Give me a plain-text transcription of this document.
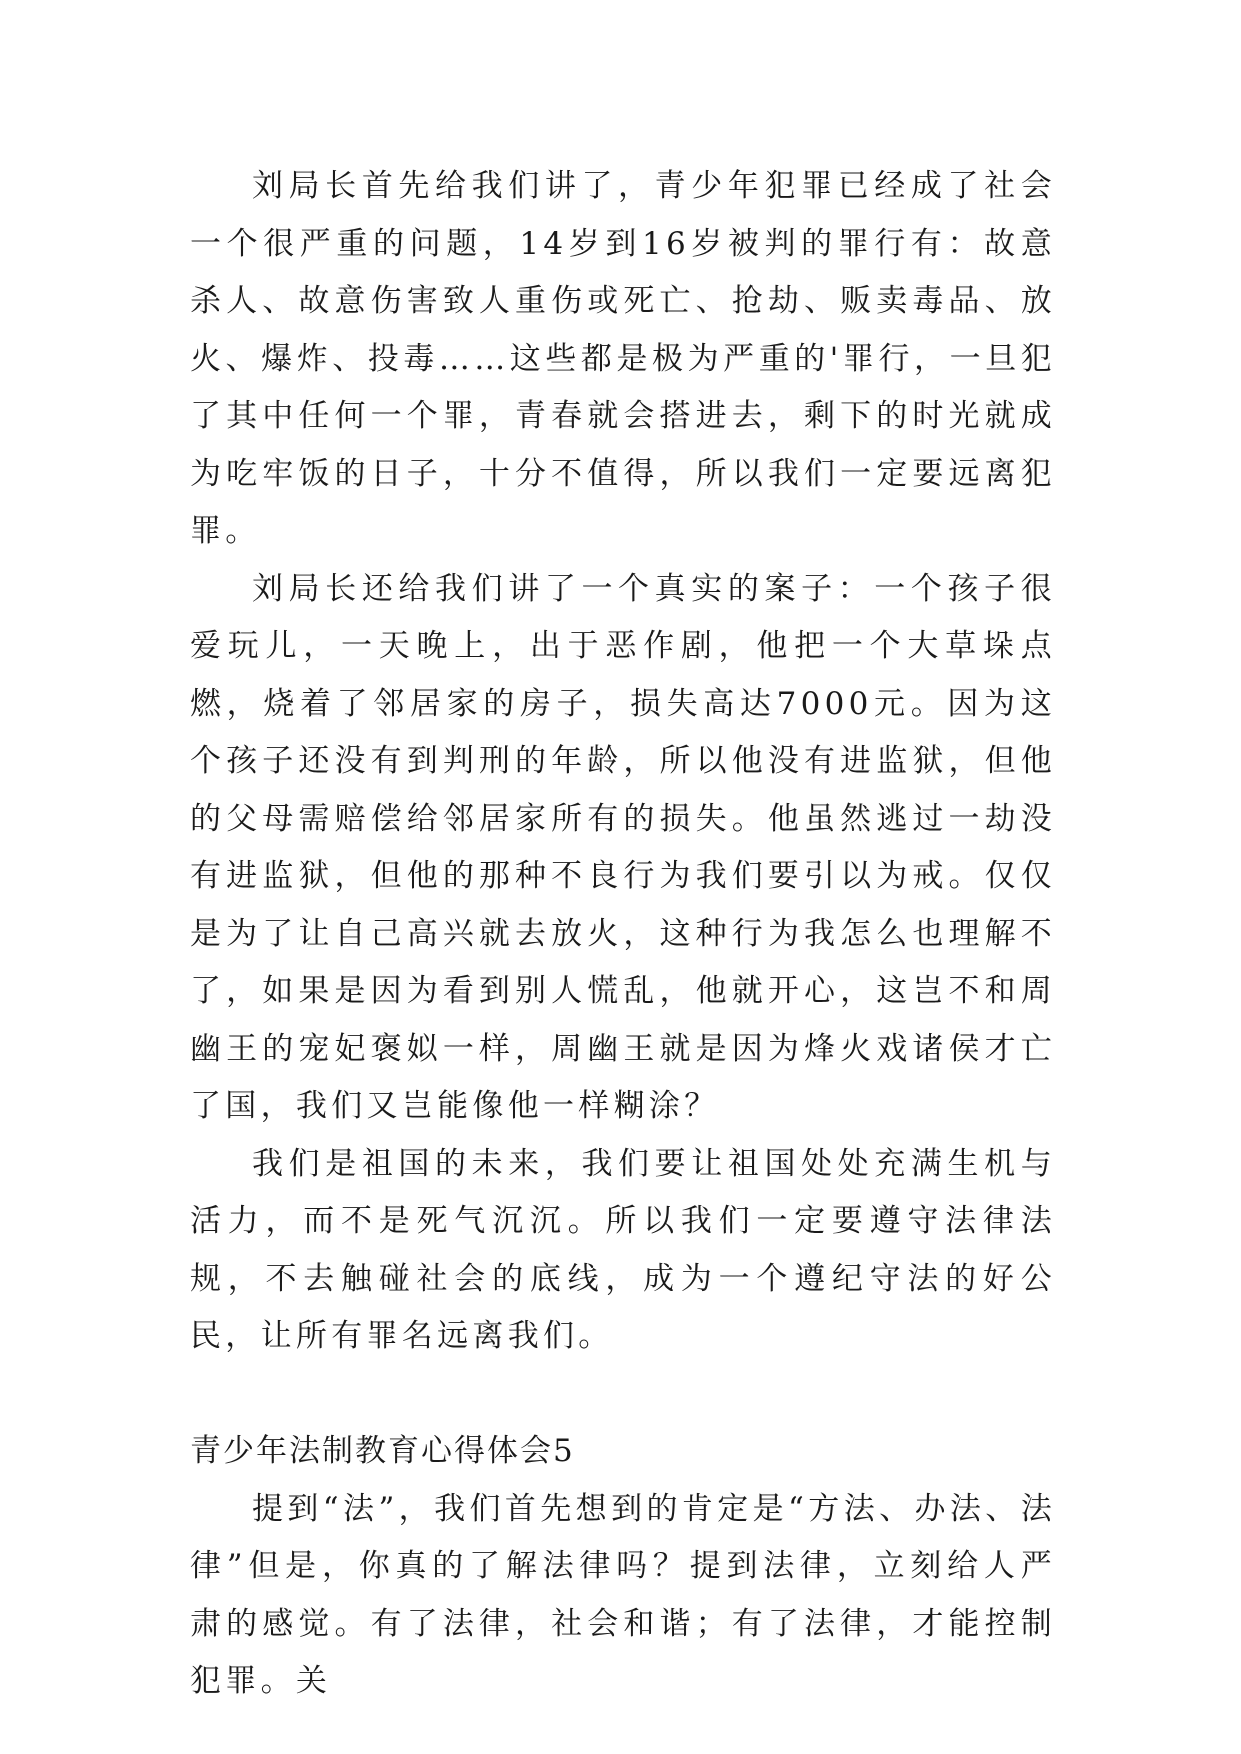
刘局长首先给我们讲了，青少年犯罪已经成了社会一个很严重的问题，14岁到16岁被判的罪行有：故意杀人、故意伤害致人重伤或死亡、抢劫、贩卖毒品、放火、爆炸、投毒……这些都是极为严重的'罪行，一旦犯了其中任何一个罪，青春就会搭进去，剩下的时光就成为吃牢饭的日子，十分不值得，所以我们一定要远离犯罪。

刘局长还给我们讲了一个真实的案子：一个孩子很爱玩儿，一天晚上，出于恶作剧，他把一个大草垛点燃，烧着了邻居家的房子，损失高达7000元。因为这个孩子还没有到判刑的年龄，所以他没有进监狱，但他的父母需赔偿给邻居家所有的损失。他虽然逃过一劫没有进监狱，但他的那种不良行为我们要引以为戒。仅仅是为了让自己高兴就去放火，这种行为我怎么也理解不了，如果是因为看到别人慌乱，他就开心，这岂不和周幽王的宠妃褒姒一样，周幽王就是因为烽火戏诸侯才亡了国，我们又岂能像他一样糊涂？

我们是祖国的未来，我们要让祖国处处充满生机与活力，而不是死气沉沉。所以我们一定要遵守法律法规，不去触碰社会的底线，成为一个遵纪守法的好公民，让所有罪名远离我们。

青少年法制教育心得体会5

提到“法”，我们首先想到的肯定是“方法、办法、法律”但是，你真的了解法律吗？提到法律，立刻给人严肃的感觉。有了法律，社会和谐；有了法律，才能控制犯罪。关
